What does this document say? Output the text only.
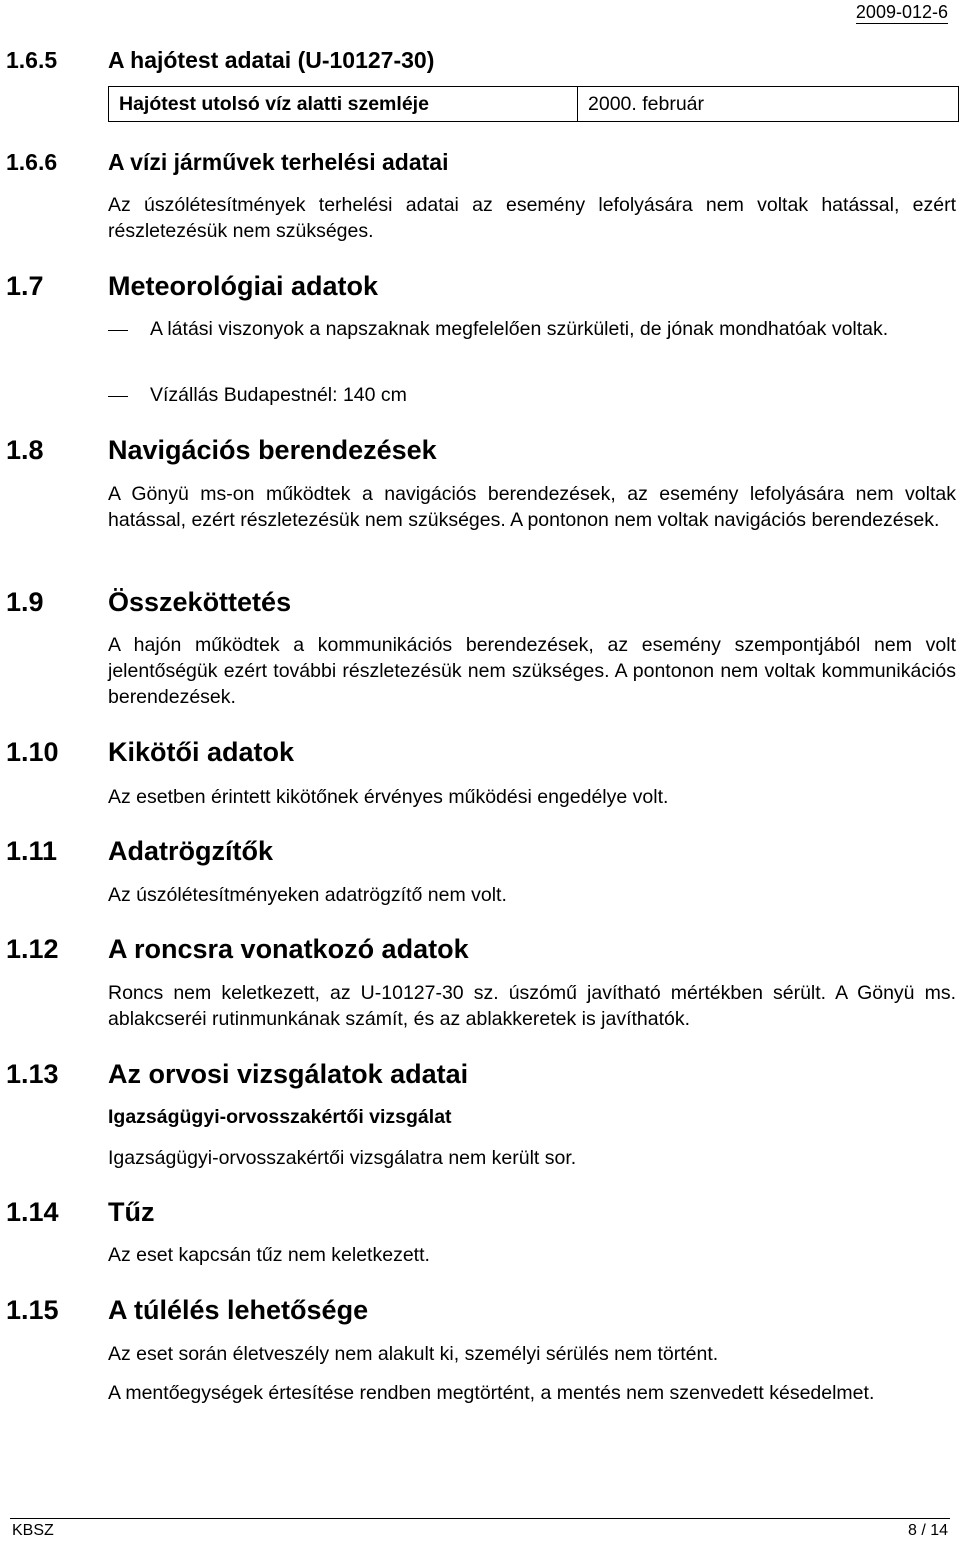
2009-012-6
1.6.5 A hajótest adatai (U-10127-30)
Hajótest utolsó víz alatti szemléje	2000. február
1.6.6 A vízi járművek terhelési adatai
Az úszólétesítmények terhelési adatai az esemény lefolyására nem voltak hatással, ezért részletezésük nem szükséges.
1.7 Meteorológiai adatok
A látási viszonyok a napszaknak megfelelően szürkületi, de jónak mondhatóak voltak.
Vízállás Budapestnél: 140 cm
1.8 Navigációs berendezések
A Gönyü ms-on működtek a navigációs berendezések, az esemény lefolyására nem voltak hatással, ezért részletezésük nem szükséges. A pontonon nem voltak navigációs berendezések.
1.9 Összeköttetés
A hajón működtek a kommunikációs berendezések, az esemény szempontjából nem volt jelentőségük ezért további részletezésük nem szükséges. A pontonon nem voltak kommunikációs berendezések.
1.10 Kikötői adatok
Az esetben érintett kikötőnek érvényes működési engedélye volt.
1.11 Adatrögzítők
Az úszólétesítményeken adatrögzítő nem volt.
1.12 A roncsra vonatkozó adatok
Roncs nem keletkezett, az U-10127-30 sz. úszómű javítható mértékben sérült. A Gönyü ms. ablakcseréi rutinmunkának számít, és az ablakkeretek is javíthatók.
1.13 Az orvosi vizsgálatok adatai
Igazságügyi-orvosszakértői vizsgálat
Igazságügyi-orvosszakértői vizsgálatra nem került sor.
1.14 Tűz
Az eset kapcsán tűz nem keletkezett.
1.15 A túlélés lehetősége
Az eset során életveszély nem alakult ki, személyi sérülés nem történt.
A mentőegységek értesítése rendben megtörtént, a mentés nem szenvedett késedelmet.
KBSZ	8 / 14
